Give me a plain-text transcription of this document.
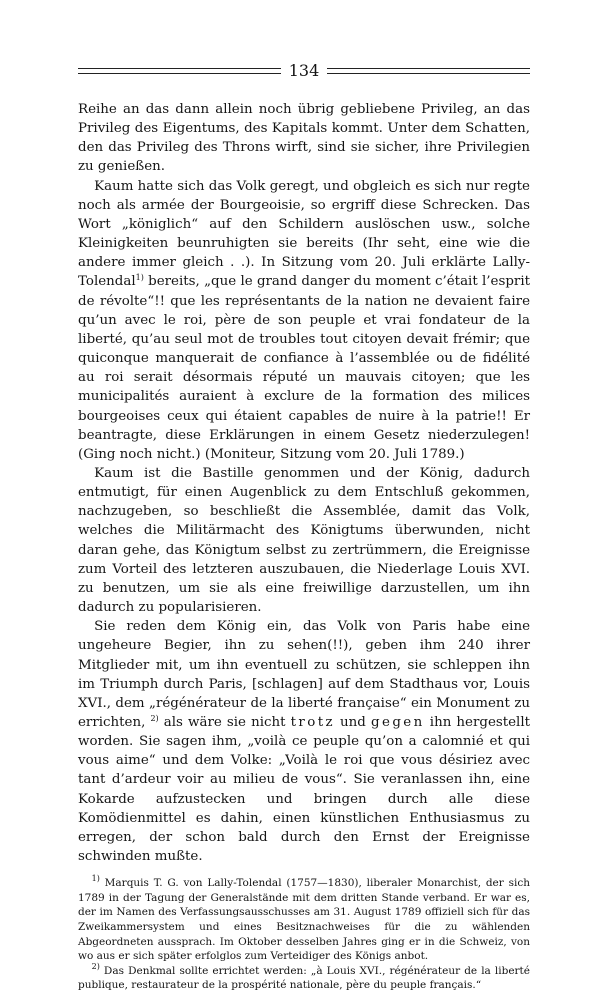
134

Reihe an das dann allein noch übrig gebliebene Privileg, an das Privileg des Eigentums, des Kapitals kommt. Unter dem Schatten, den das Privileg des Throns wirft, sind sie sicher, ihre Privilegien zu genießen.

Kaum hatte sich das Volk geregt, und obgleich es sich nur regte noch als armée der Bourgeoisie, so ergriff diese Schrecken. Das Wort „königlich“ auf den Schildern auslöschen usw., solche Kleinigkeiten beunruhigten sie bereits (Ihr seht, eine wie die andere immer gleich . .). In Sitzung vom 20. Juli erklärte Lally-Tolendal$^{1)}$ bereits, „que le grand danger du moment c’était l’esprit de révolte“!! que les représentants de la nation ne devaient faire qu’un avec le roi, père de son peuple et vrai fondateur de la liberté, qu’au seul mot de troubles tout citoyen devait frémir; que quiconque manquerait de confiance à l’assemblée ou de fidélité au roi serait désormais réputé un mauvais citoyen; que les municipalités auraient à exclure de la formation des milices bourgeoises ceux qui étaient capables de nuire à la patrie!! Er beantragte, diese Erklärungen in einem Gesetz niederzulegen! (Ging noch nicht.) (Moniteur, Sitzung vom 20. Juli 1789.)

Kaum ist die Bastille genommen und der König, dadurch entmutigt, für einen Augenblick zu dem Entschluß gekommen, nachzugeben, so beschließt die Assemblée, damit das Volk, welches die Militärmacht des Königtums überwunden, nicht daran gehe, das Königtum selbst zu zertrümmern, die Ereignisse zum Vorteil des letzteren auszubauen, die Niederlage Louis XVI. zu benutzen, um sie als eine freiwillige darzustellen, um ihn dadurch zu popularisieren.

Sie reden dem König ein, das Volk von Paris habe eine ungeheure Begier, ihn zu sehen(!!), geben ihm 240 ihrer Mitglieder mit, um ihn eventuell zu schützen, sie schleppen ihn im Triumph durch Paris, [schlagen] auf dem Stadthaus vor, Louis XVI., dem „régénérateur de la liberté française“ ein Monument zu errichten, $^{2)}$ als wäre sie nicht trotz und gegen ihn hergestellt worden. Sie sagen ihm, „voilà ce peuple qu’on a calomnié et qui vous aime“ und dem Volke: „Voilà le roi que vous désiriez avec tant d’ardeur voir au milieu de vous“. Sie veranlassen ihn, eine Kokarde aufzustecken und bringen durch alle diese Komödienmittel es dahin, einen künstlichen Enthusiasmus zu erregen, der schon bald durch den Ernst der Ereignisse schwinden mußte.

$^{1)}$ Marquis T. G. von Lally-Tolendal (1757—1830), liberaler Monarchist, der sich 1789 in der Tagung der Generalstände mit dem dritten Stande verband. Er war es, der im Namen des Verfassungsausschusses am 31. August 1789 offiziell sich für das Zweikammersystem und eines Besitznachweises für die zu wählenden Abgeordneten aussprach. Im Oktober desselben Jahres ging er in die Schweiz, von wo aus er sich später erfolglos zum Verteidiger des Königs anbot.

$^{2)}$ Das Denkmal sollte errichtet werden: „à Louis XVI., régénérateur de la liberté publique, restaurateur de la prospérité nationale, père du peuple français.“
